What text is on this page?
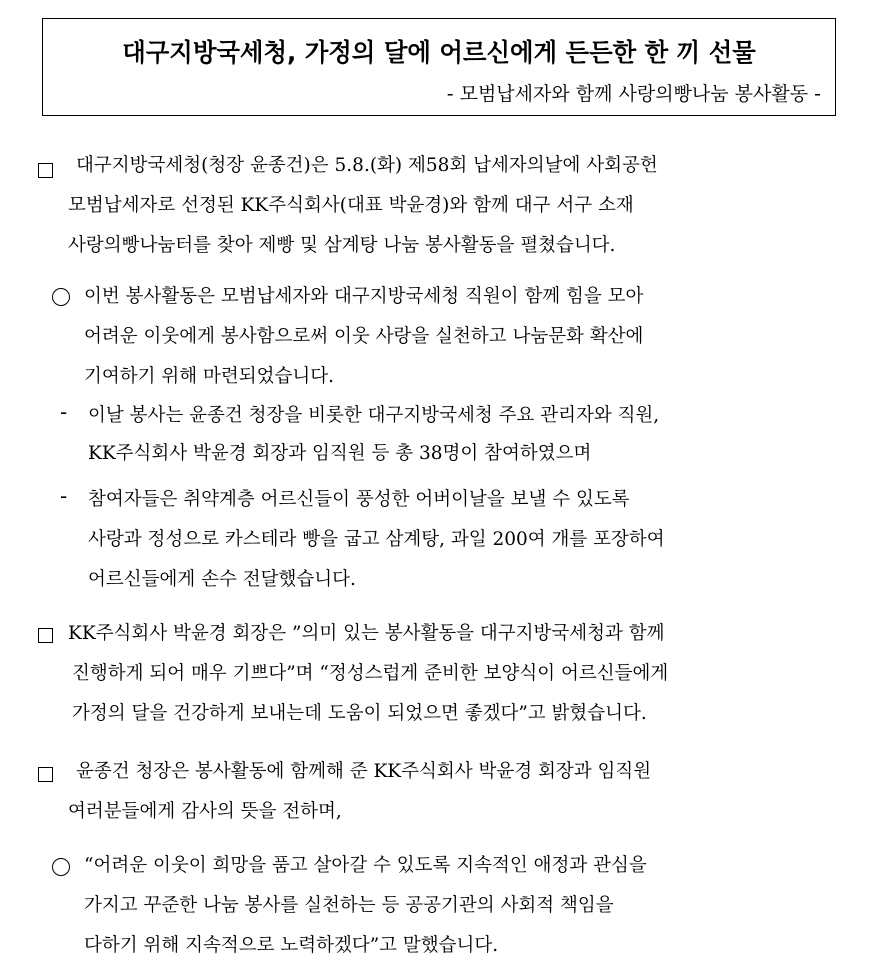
대구지방국세청, 가정의 달에 어르신에게 든든한 한 끼 선물
- 모범납세자와 함께 사랑의빵나눔 봉사활동 -
대구지방국세청(청장 윤종건)은 5.8.(화) 제58회 납세자의날에 사회공헌
모범납세자로 선정된 KK주식회사(대표 박윤경)와 함께 대구 서구 소재
사랑의빵나눔터를 찾아 제빵 및 삼계탕 나눔 봉사활동을 펼쳤습니다.
이번 봉사활동은 모범납세자와 대구지방국세청 직원이 함께 힘을 모아
어려운 이웃에게 봉사함으로써 이웃 사랑을 실천하고 나눔문화 확산에
기여하기 위해 마련되었습니다.
- 이날 봉사는 윤종건 청장을 비롯한 대구지방국세청 주요 관리자와 직원,
KK주식회사 박윤경 회장과 임직원 등 총 38명이 참여하였으며
- 참여자들은 취약계층 어르신들이 풍성한 어버이날을 보낼 수 있도록
사랑과 정성으로 카스테라 빵을 굽고 삼계탕, 과일 200여 개를 포장하여
어르신들에게 손수 전달했습니다.
KK주식회사 박윤경 회장은 ”의미 있는 봉사활동을 대구지방국세청과 함께
진행하게 되어 매우 기쁘다”며 “정성스럽게 준비한 보양식이 어르신들에게
가정의 달을 건강하게 보내는데 도움이 되었으면 좋겠다”고 밝혔습니다.
윤종건 청장은 봉사활동에 함께해 준 KK주식회사 박윤경 회장과 임직원
여러분들에게 감사의 뜻을 전하며,
“어려운 이웃이 희망을 품고 살아갈 수 있도록 지속적인 애정과 관심을
가지고 꾸준한 나눔 봉사를 실천하는 등 공공기관의 사회적 책임을
다하기 위해 지속적으로 노력하겠다”고 말했습니다.
